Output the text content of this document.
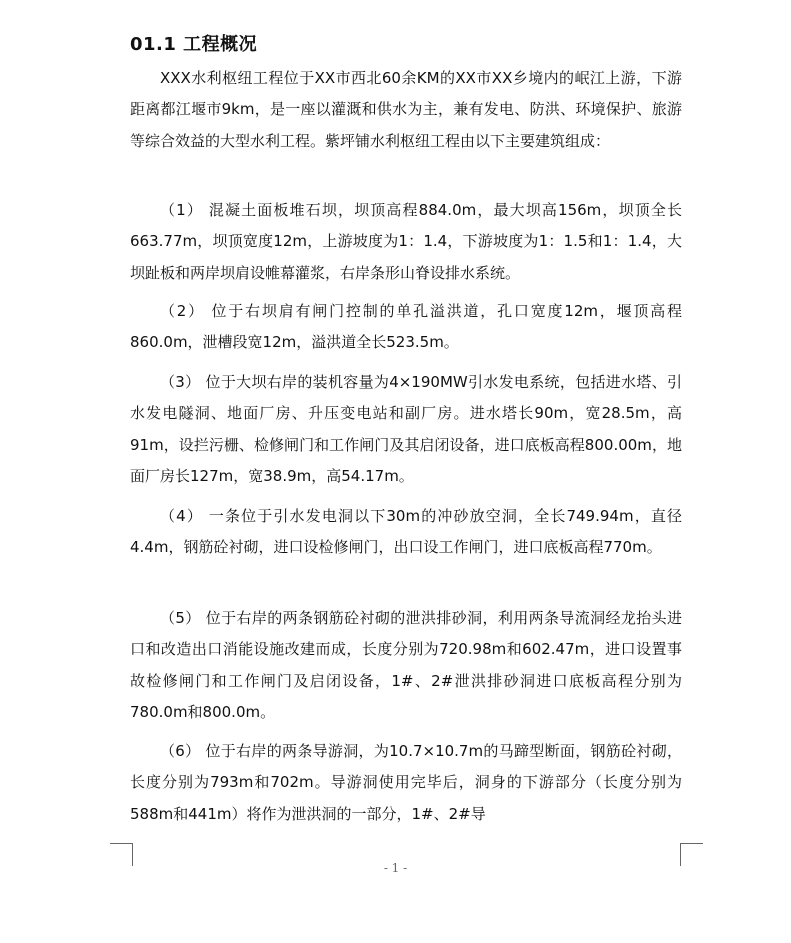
01.1 工程概况

XXX水利枢纽工程位于XX市西北60余KM的XX市XX乡境内的岷江上游，下游距离都江堰市9km，是一座以灌溉和供水为主，兼有发电、防洪、环境保护、旅游等综合效益的大型水利工程。紫坪铺水利枢纽工程由以下主要建筑组成：

（1） 混凝土面板堆石坝，坝顶高程884.0m，最大坝高156m，坝顶全长663.77m，坝顶宽度12m，上游坡度为1：1.4，下游坡度为1：1.5和1：1.4，大坝趾板和两岸坝肩设帷幕灌浆，右岸条形山脊设排水系统。

（2） 位于右坝肩有闸门控制的单孔溢洪道，孔口宽度12m，堰顶高程860.0m，泄槽段宽12m，溢洪道全长523.5m。

（3） 位于大坝右岸的装机容量为4×190MW引水发电系统，包括进水塔、引水发电隧洞、地面厂房、升压变电站和副厂房。进水塔长90m，宽28.5m，高91m，设拦污栅、检修闸门和工作闸门及其启闭设备，进口底板高程800.00m，地面厂房长127m，宽38.9m，高54.17m。

（4） 一条位于引水发电洞以下30m的冲砂放空洞，全长749.94m，直径4.4m，钢筋砼衬砌，进口设检修闸门，出口设工作闸门，进口底板高程770m。

（5） 位于右岸的两条钢筋砼衬砌的泄洪排砂洞，利用两条导流洞经龙抬头进口和改造出口消能设施改建而成，长度分别为720.98m和602.47m，进口设置事故检修闸门和工作闸门及启闭设备，1#、2#泄洪排砂洞进口底板高程分别为780.0m和800.0m。

（6） 位于右岸的两条导游洞，为10.7×10.7m的马蹄型断面，钢筋砼衬砌，长度分别为793m和702m。导游洞使用完毕后，洞身的下游部分（长度分别为588m和441m）将作为泄洪洞的一部分，1#、2#导

- 1 -
